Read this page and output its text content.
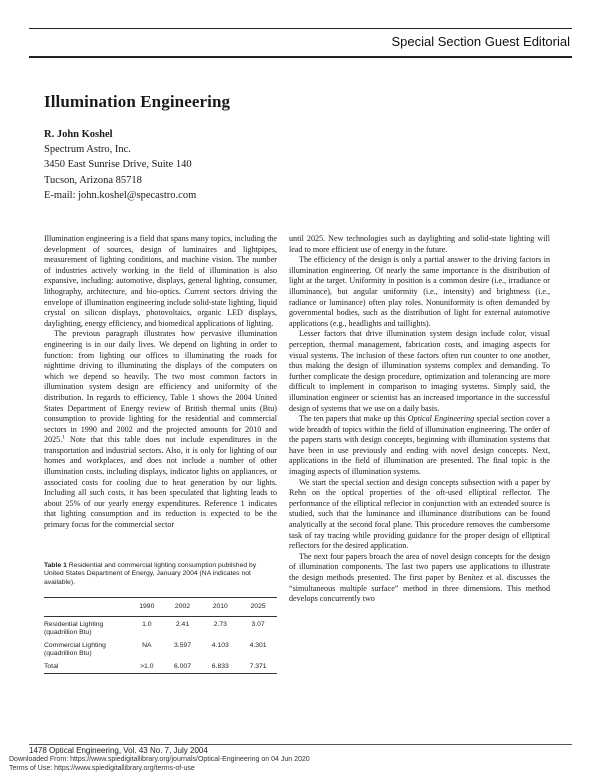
Special Section Guest Editorial
Illumination Engineering
R. John Koshel
Spectrum Astro, Inc.
3450 East Sunrise Drive, Suite 140
Tucson, Arizona 85718
E-mail: john.koshel@specastro.com

Illumination engineering is a field that spans many topics, including the development of sources, design of luminaires and lightpipes, measurement of lighting conditions, and machine vision. The number of industries actively working in the field of illumination is also expansive, including: automotive, displays, general lighting, consumer, lithography, architecture, and bio-optics. Current sectors driving the envelope of illumination engineering include solid-state lighting, liquid crystal on silicon displays, photovoltaics, organic LED displays, daylighting, energy efficiency, and biomedical applications of lighting.

The previous paragraph illustrates how pervasive illumination engineering is in our daily lives. We depend on lighting in order to function: from lighting our offices to illuminating the roads for nighttime driving to illuminating the displays of the computers on which we depend so heavily. The two most common factors in illumination system design are efficiency and uniformity of the distribution. In regards to efficiency, Table 1 shows the 2004 United States Department of Energy review of British thermal units (Btu) consumption to provide lighting for the residential and commercial sectors in 1990 and 2002 and the projected amounts for 2010 and 2025.$^1$ Note that this table does not include expenditures in the transportation and industrial sectors. Also, it is only for lighting of our homes and workplaces, and does not include a number of other illumination costs, including displays, indicator lights on appliances, or associated costs for cooling due to heat generation by our lights. Including all such costs, it has been speculated that lighting leads to about 25% of our yearly energy expenditures. Reference 1 indicates that lighting consumption and its reduction is expected to be the primary focus for the commercial sector

Table 1 Residential and commercial lighting consumption published by United States Department of Energy, January 2004 (NA indicates not available).
	1990	2002	2010	2025

Residential Lighting (quadrillion Btu)	1.0	2.41	2.73	3.07
Commercial Lighting (quadrillion Btu)	NA	3.597	4.103	4.301
Total	>1.0	6.007	6.833	7.371

until 2025. New technologies such as daylighting and solid-state lighting will lead to more efficient use of energy in the future.

The efficiency of the design is only a partial answer to the driving factors in illumination engineering. Of nearly the same importance is the distribution of light at the target. Uniformity in position is a common desire (i.e., irradiance or illuminance), but angular uniformity (i.e., intensity) and brightness (i.e., radiance or luminance) often play roles. Nonuniformity is often demanded by governmental bodies, such as the distribution of light for external automotive applications (e.g., headlights and taillights).

Lesser factors that drive illumination system design include color, visual perception, thermal management, fabrication costs, and imaging aspects for visual systems. The inclusion of these factors often run counter to one another, thus making the design of illumination systems complex and demanding. To further complicate the design procedure, optimization and tolerancing are more difficult to implement in comparison to imaging systems. Simply said, the illumination engineer or scientist has an increased importance in the successful design of systems that we use on a daily basis.

The ten papers that make up this Optical Engineering special section cover a wide breadth of topics within the field of illumination engineering. The order of the papers starts with design concepts, beginning with illumination systems that have been in use previously and ending with novel design concepts. Next, applications in the field of illumination are presented. The final topic is the imaging aspects of illumination systems.

We start the special section and design concepts subsection with a paper by Rehn on the optical properties of the oft-used elliptical reflector. The performance of the elliptical reflector in conjunction with an extended source is studied, such that the luminance and illuminance distributions can be found analytically at the second focal plane. This procedure removes the cumbersome task of ray tracing while providing guidance for the proper design of elliptical reflectors for the desired application.

The next four papers broach the area of novel design concepts for the design of illumination components. The last two papers use applications to illustrate the design methods presented. The first paper by Benítez et al. discusses the “simultaneous multiple surface” method in three dimensions. This method develops concurrently two

1478 Optical Engineering, Vol. 43 No. 7, July 2004
Downloaded From: https://www.spiedigitallibrary.org/journals/Optical-Engineering on 04 Jun 2020
Terms of Use: https://www.spiedigitallibrary.org/terms-of-use
